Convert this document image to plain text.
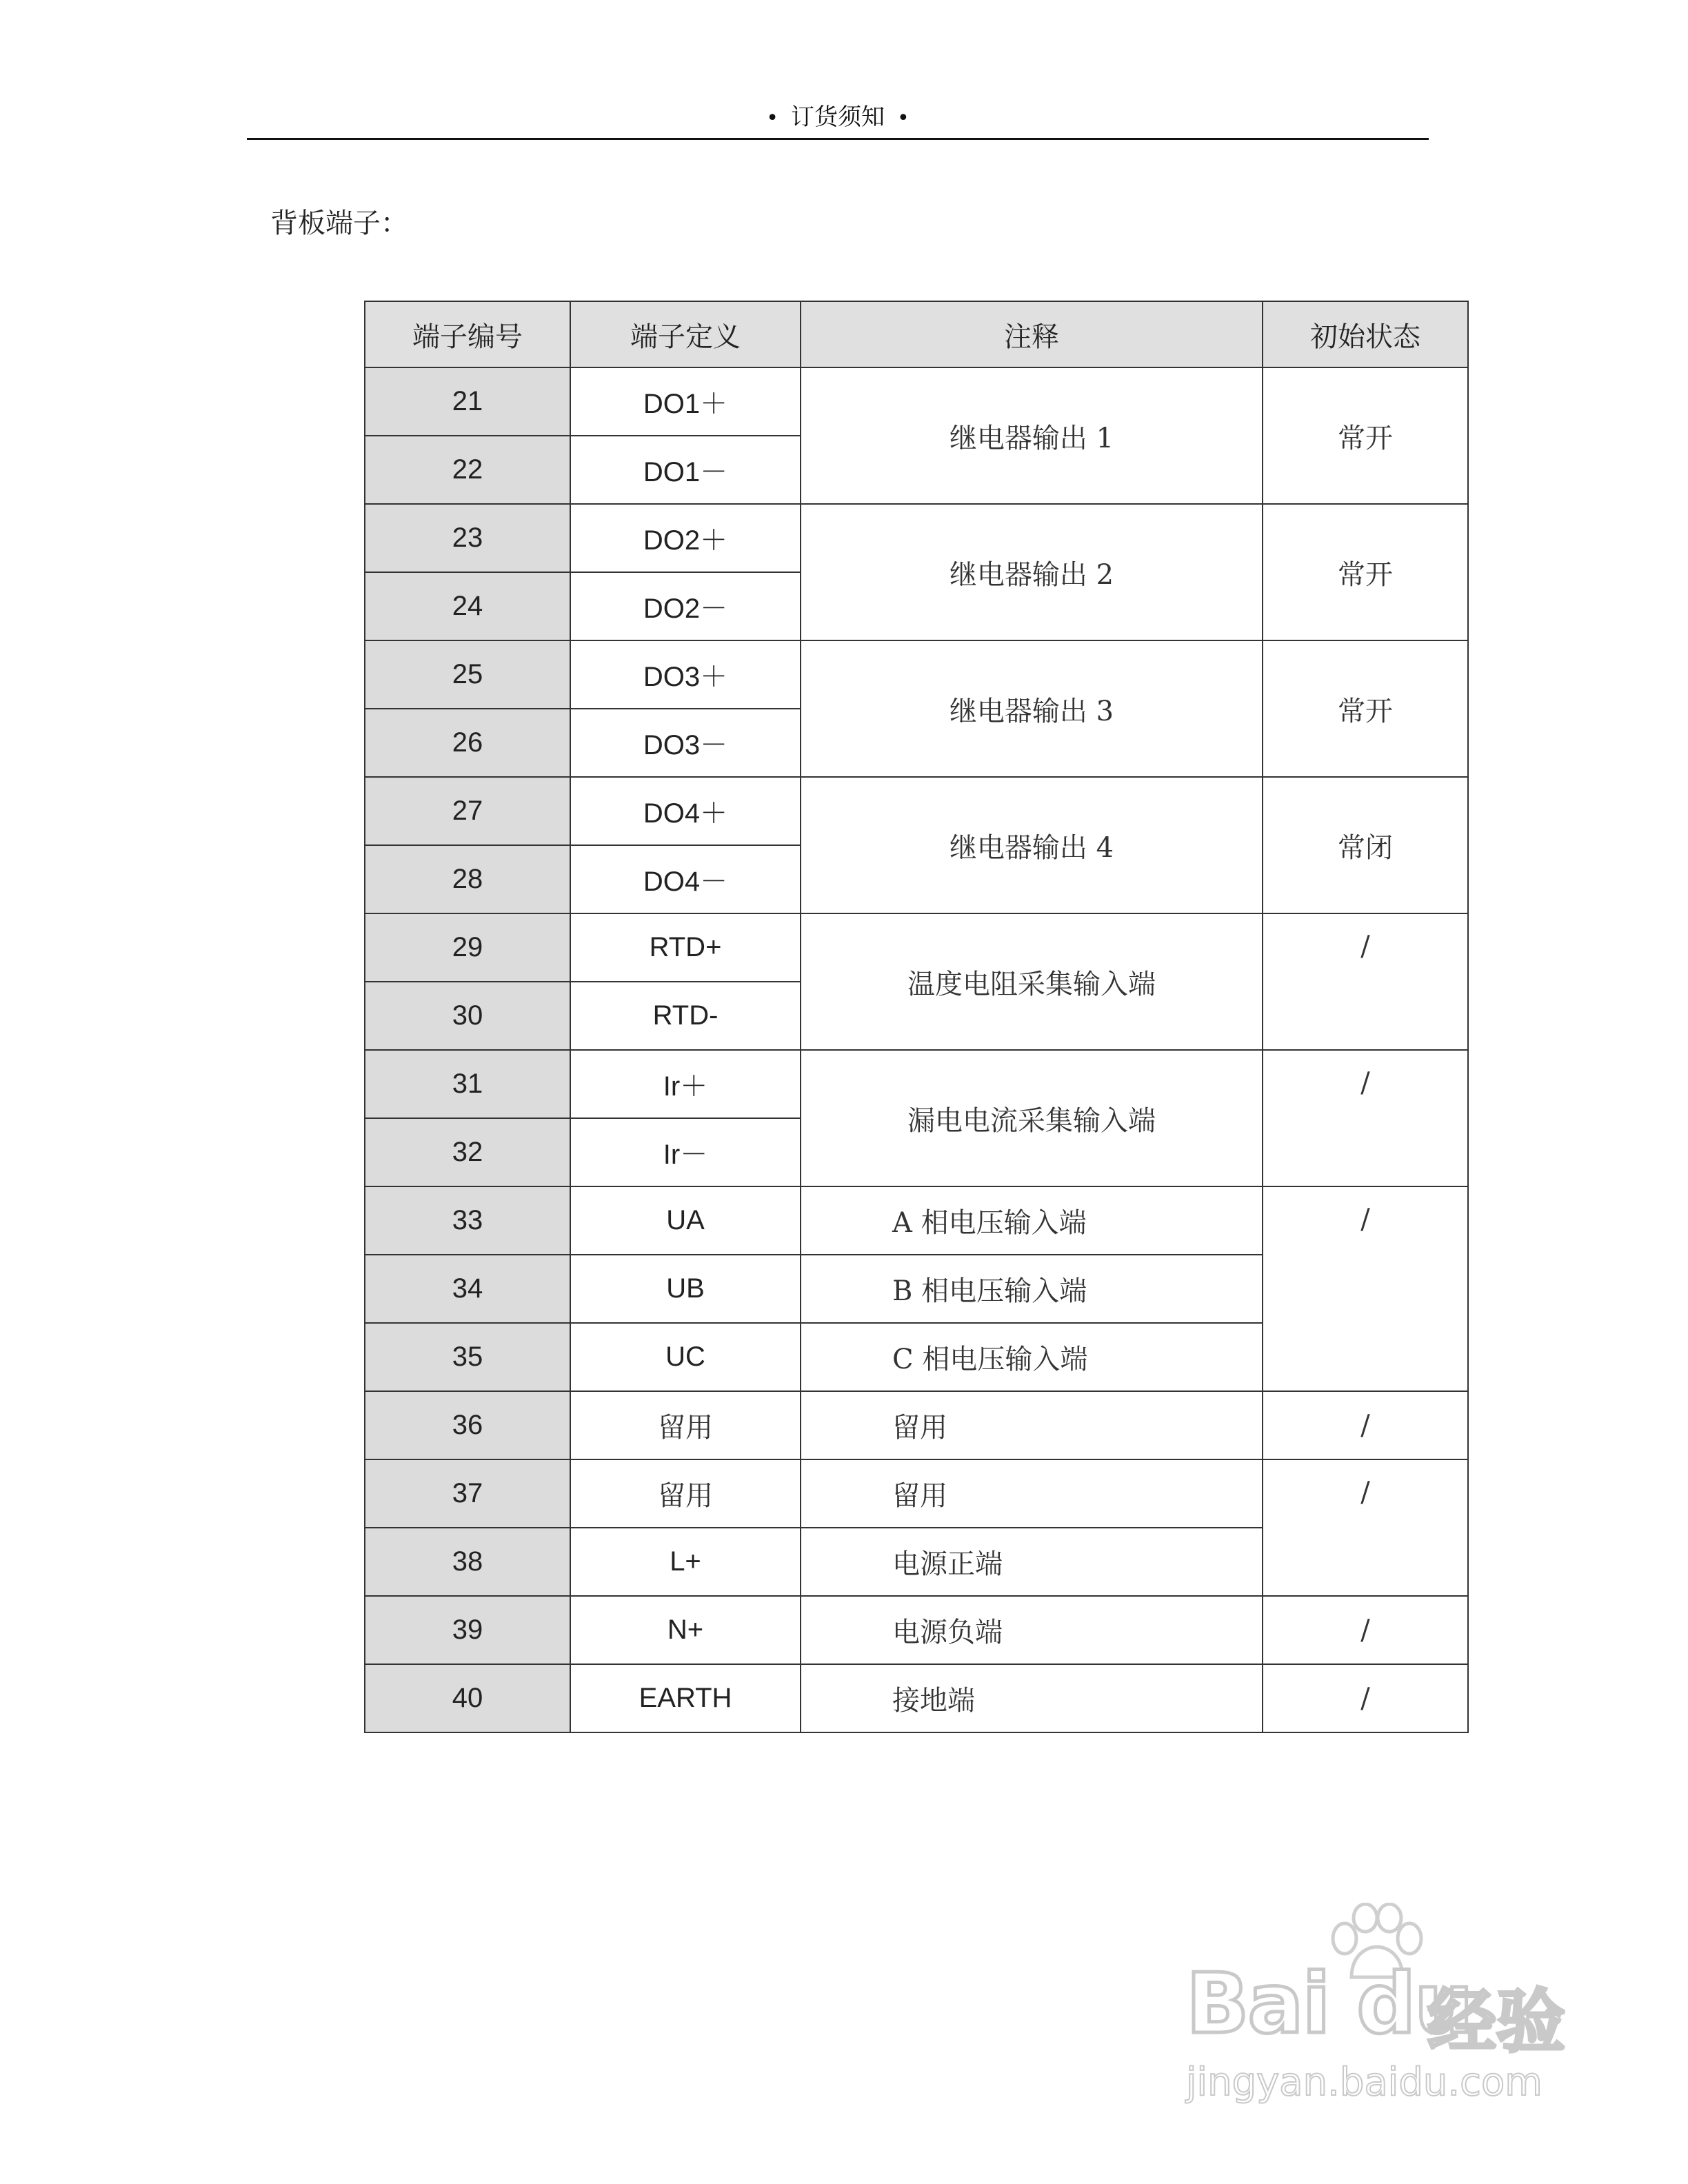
• 订货须知 •
背板端子：
端子编号	端子定义	注释	初始状态
21	DO1＋	继电器输出 1	常开
22	DO1－		
23	DO2＋	继电器输出 2	常开
24	DO2－		
25	DO3＋	继电器输出 3	常开
26	DO3－		
27	DO4＋	继电器输出 4	常闭
28	DO4－		
29	RTD+	温度电阻采集输入端	/
30	RTD-		
31	Ir＋	漏电电流采集输入端	/
32	Ir－		
33	UA	A 相电压输入端	/
34	UB	B 相电压输入端	
35	UC	C 相电压输入端	
36	留用	留用	/
37	留用	留用	/
38	L+	电源正端	
39	N+	电源负端	/
40	EARTH	接地端	/
Bai du
经验
jingyan.baidu.com
